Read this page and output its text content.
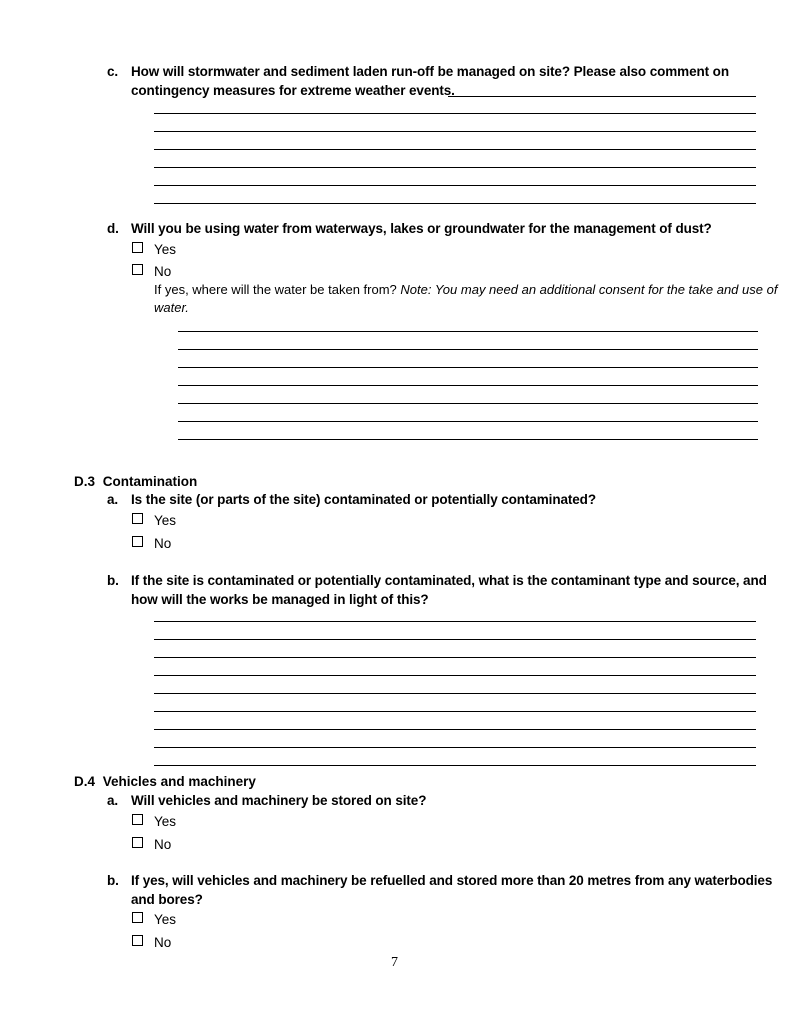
c. How will stormwater and sediment laden run-off be managed on site? Please also comment on contingency measures for extreme weather events.
d. Will you be using water from waterways, lakes or groundwater for the management of dust?
Yes
No
If yes, where will the water be taken from? Note: You may need an additional consent for the take and use of water.
D.3 Contamination
a. Is the site (or parts of the site) contaminated or potentially contaminated?
Yes
No
b. If the site is contaminated or potentially contaminated, what is the contaminant type and source, and how will the works be managed in light of this?
D.4 Vehicles and machinery
a. Will vehicles and machinery be stored on site?
Yes
No
b. If yes, will vehicles and machinery be refuelled and stored more than 20 metres from any waterbodies and bores?
Yes
No
7
